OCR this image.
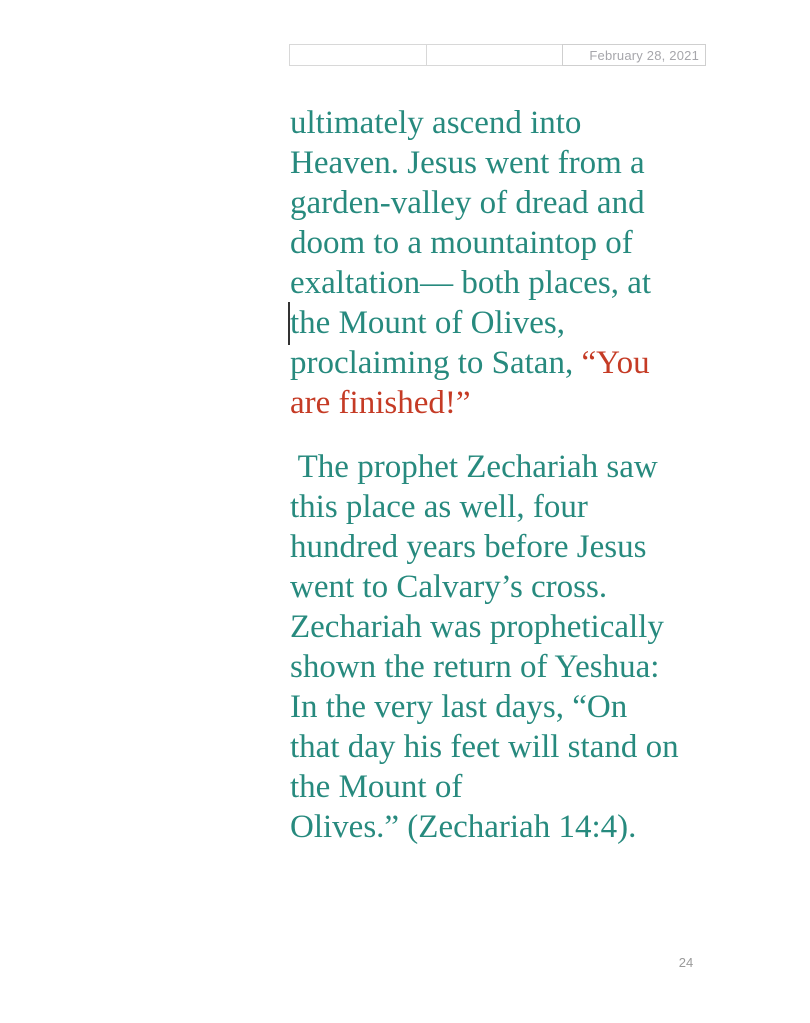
February 28, 2021
ultimately ascend into
Heaven. Jesus went from a
garden-valley of dread and
doom to a mountaintop of
exaltation— both places, at
the Mount of Olives,
proclaiming to Satan, “You
are finished!”
The prophet Zechariah saw
this place as well, four
hundred years before Jesus
went to Calvary’s cross.
Zechariah was prophetically
shown the return of Yeshua:
In the very last days, “On
that day his feet will stand on
the Mount of
Olives.” (Zechariah 14:4).
24
